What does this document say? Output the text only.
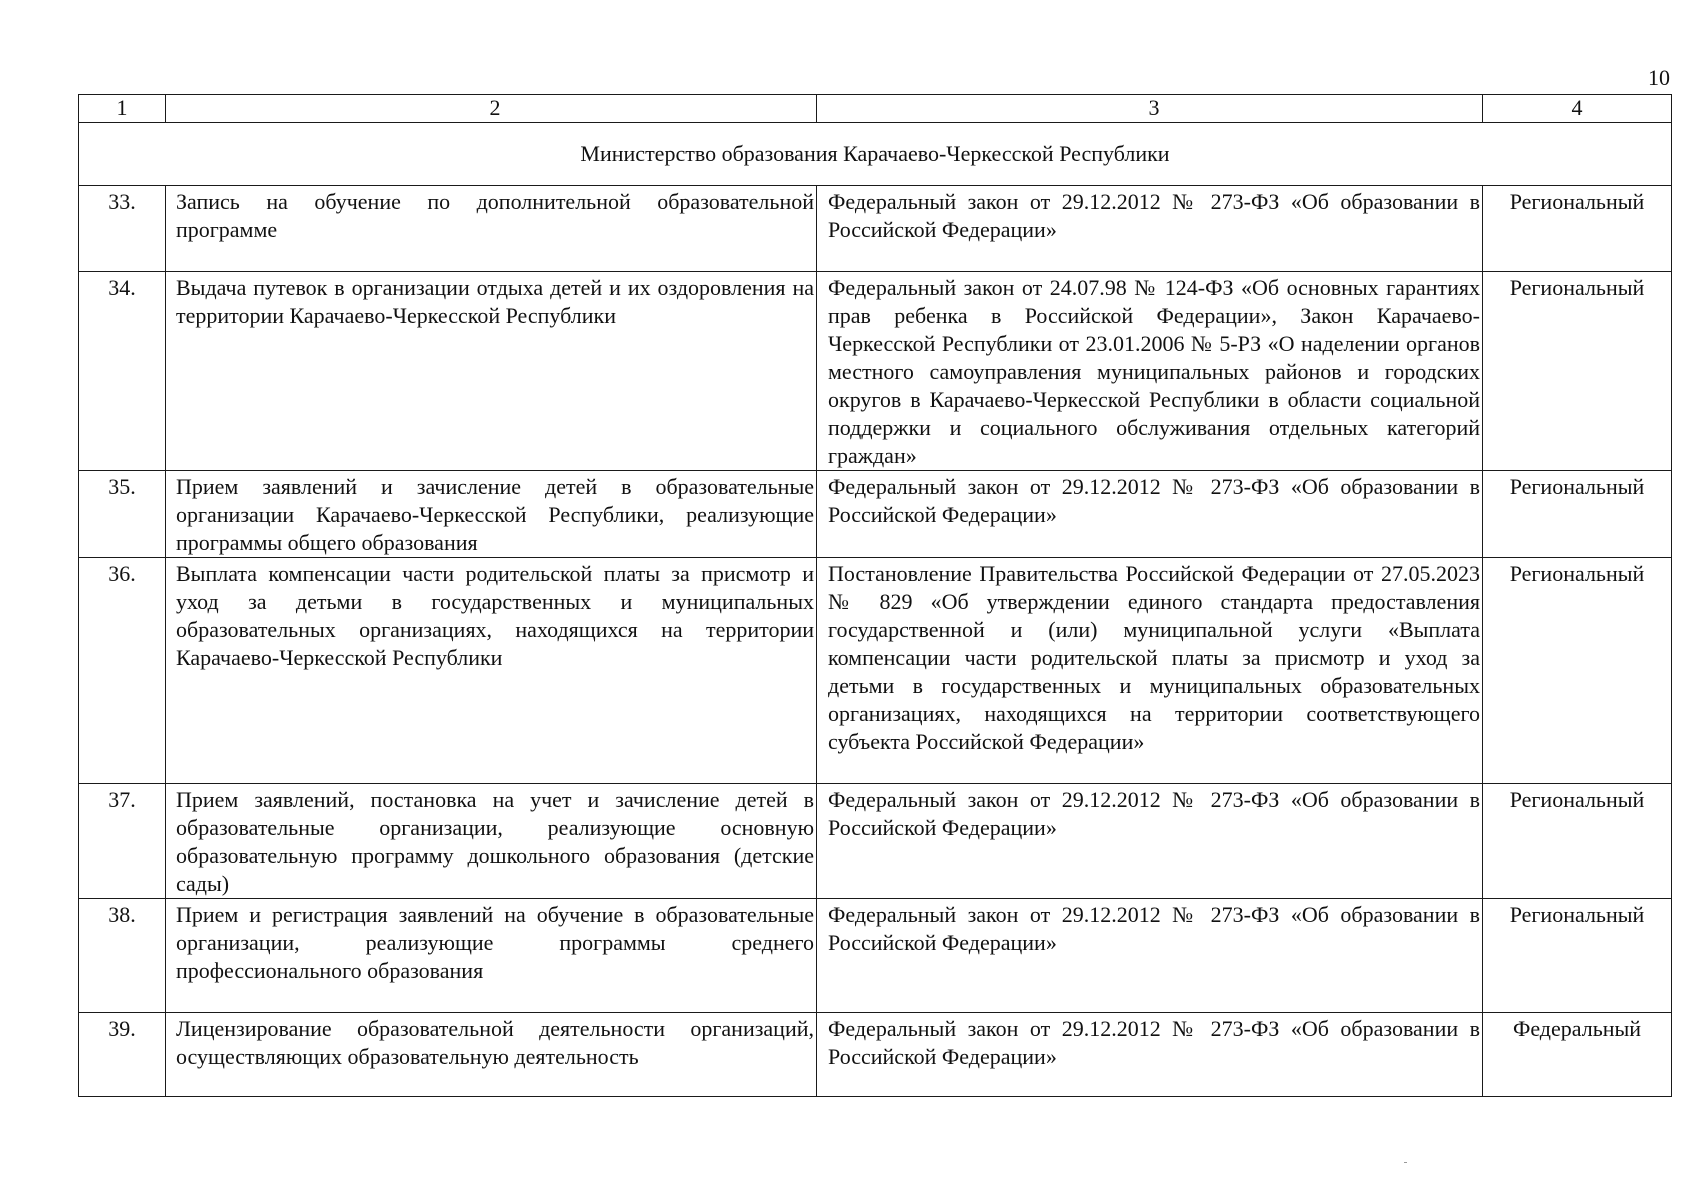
10
1	2	3	4
Министерство образования Карачаево-Черкесской Республики			
33.	Запись на обучение по дополнительной образовательной программе	Федеральный закон от 29.12.2012 № 273-ФЗ «Об образовании в Российской Федерации»	Региональный
34.	Выдача путевок в организации отдыха детей и их оздоровления на территории Карачаево-Черкесской Республики	Федеральный закон от 24.07.98 № 124-ФЗ «Об основных гарантиях прав ребенка в Российской Федерации», Закон Карачаево-Черкесской Республики от 23.01.2006 № 5-РЗ «О наделении органов местного самоуправления муниципальных районов и городских округов в Карачаево-Черкесской Республики в области социальной поддержки и социального обслуживания отдельных категорий граждан»	Региональный
35.	Прием заявлений и зачисление детей в образовательные организации Карачаево-Черкесской Республики, реализующие программы общего образования	Федеральный закон от 29.12.2012 № 273-ФЗ «Об образовании в Российской Федерации»	Региональный
36.	Выплата компенсации части родительской платы за присмотр и уход за детьми в государственных и муниципальных образовательных организациях, находящихся на территории Карачаево-Черкесской Республики	Постановление Правительства Российской Федерации от 27.05.2023 № 829 «Об утверждении единого стандарта предоставления государственной и (или) муниципальной услуги «Выплата компенсации части родительской платы за присмотр и уход за детьми в государственных и муниципальных образовательных организациях, находящихся на территории соответствующего субъекта Российской Федерации»	Региональный
37.	Прием заявлений, постановка на учет и зачисление детей в образовательные организации, реализующие основную образовательную программу дошкольного образования (детские сады)	Федеральный закон от 29.12.2012 № 273-ФЗ «Об образовании в Российской Федерации»	Региональный
38.	Прием и регистрация заявлений на обучение в образовательные организации, реализующие программы среднего профессионального образования	Федеральный закон от 29.12.2012 № 273-ФЗ «Об образовании в Российской Федерации»	Региональный
39.	Лицензирование образовательной деятельности организаций, осуществляющих образовательную деятельность	Федеральный закон от 29.12.2012 № 273-ФЗ «Об образовании в Российской Федерации»	Федеральный
